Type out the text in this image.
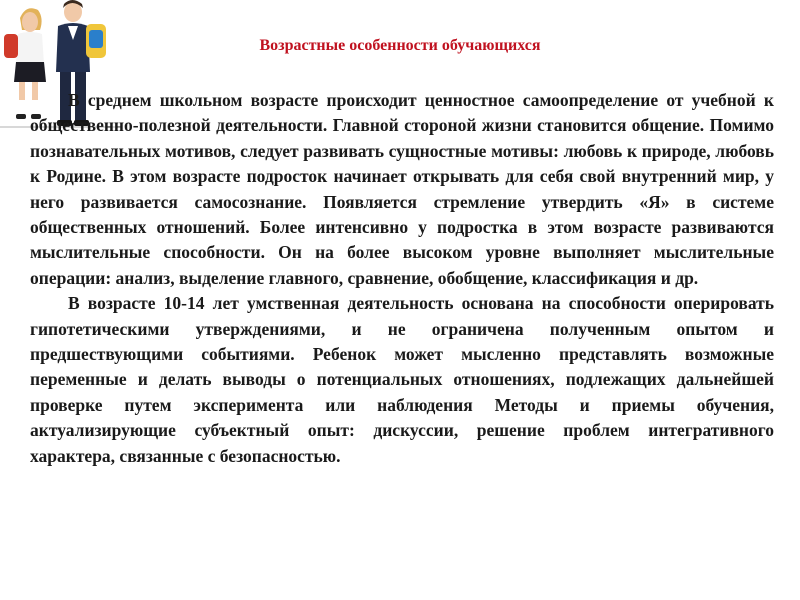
Возрастные особенности обучающихся

В среднем школьном возрасте происходит ценностное самоопределение от учебной к общественно-полезной деятельности. Главной стороной жизни становится общение. Помимо познавательных мотивов, следует развивать сущностные мотивы: любовь к природе, любовь к Родине. В этом возрасте подросток начинает открывать для себя свой внутренний мир, у него развивается самосознание. Появляется стремление утвердить «Я» в системе общественных отношений. Более интенсивно у подростка в этом возрасте развиваются мыслительные способности. Он на более высоком уровне выполняет мыслительные операции: анализ, выделение главного, сравнение, обобщение, классификация и др.

В возрасте 10-14 лет умственная деятельность основана на способности оперировать гипотетическими утверждениями, и не ограничена полученным опытом и предшествующими событиями. Ребенок может мысленно представлять возможные переменные и делать выводы о потенциальных отношениях, подлежащих дальнейшей проверке путем эксперимента или наблюдения Методы и приемы обучения, актуализирующие субъектный опыт: дискуссии, решение проблем интегративного характера, связанные с безопасностью.
